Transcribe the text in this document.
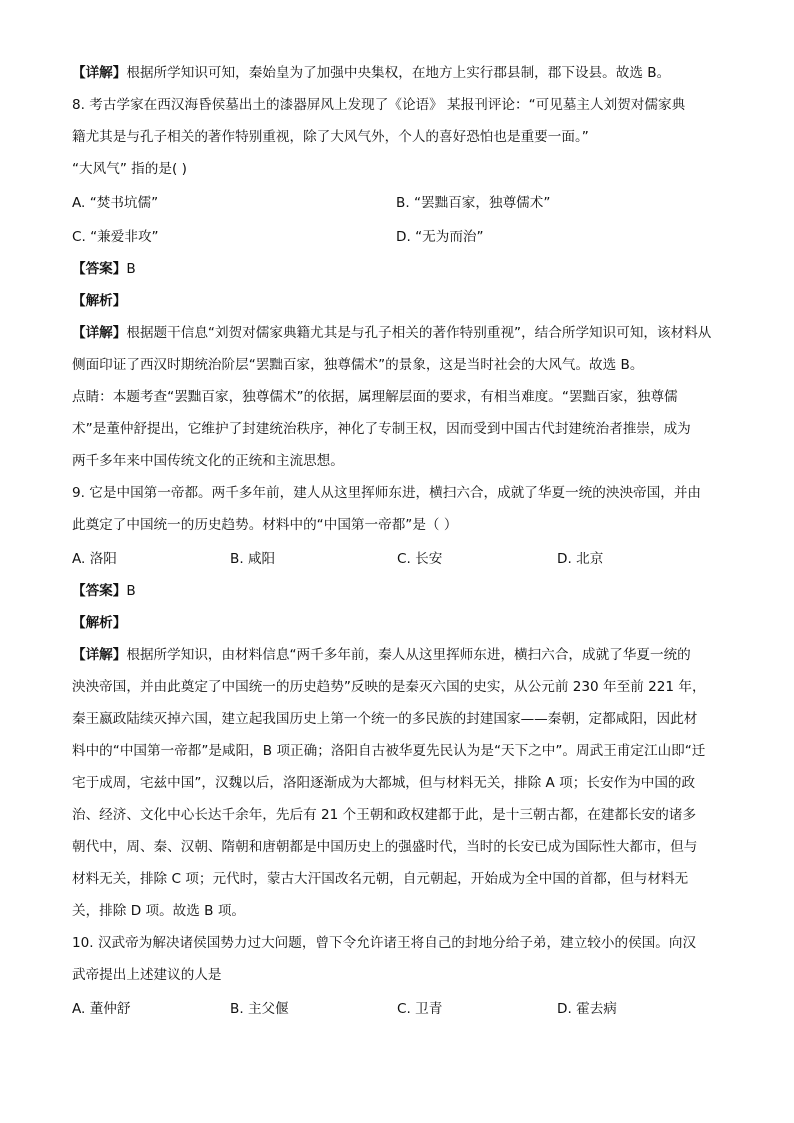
【详解】根据所学知识可知，秦始皇为了加强中央集权，在地方上实行郡县制，郡下设县。故选 B。
8. 考古学家在西汉海昏侯墓出土的漆器屏风上发现了《论语》 某报刊评论：“可见墓主人刘贺对儒家典
籍尤其是与孔子相关的著作特别重视，除了大风气外，个人的喜好恐怕也是重要一面。”
“大风气” 指的是( )
A. “焚书坑儒”	B. “罢黜百家，独尊儒术”
C. “兼爱非攻”	D. “无为而治”
【答案】B
【解析】
【详解】根据题干信息“刘贺对儒家典籍尤其是与孔子相关的著作特别重视”，结合所学知识可知，该材料从
侧面印证了西汉时期统治阶层“罢黜百家，独尊儒术”的景象，这是当时社会的大风气。故选 B。
点睛：本题考查“罢黜百家，独尊儒术”的依据，属理解层面的要求，有相当难度。“罢黜百家，独尊儒
术”是董仲舒提出，它维护了封建统治秩序，神化了专制王权，因而受到中国古代封建统治者推崇，成为
两千多年来中国传统文化的正统和主流思想。
9. 它是中国第一帝都。两千多年前，建人从这里挥师东进，横扫六合，成就了华夏一统的泱泱帝国，并由
此奠定了中国统一的历史趋势。材料中的“中国第一帝都”是（ ）
A. 洛阳	B. 咸阳	C. 长安	D. 北京
【答案】B
【解析】
【详解】根据所学知识，由材料信息“两千多年前，秦人从这里挥师东进，横扫六合，成就了华夏一统的
泱泱帝国，并由此奠定了中国统一的历史趋势”反映的是秦灭六国的史实，从公元前 230 年至前 221 年，
秦王嬴政陆续灭掉六国，建立起我国历史上第一个统一的多民族的封建国家——秦朝，定都咸阳，因此材
料中的“中国第一帝都”是咸阳，B 项正确；洛阳自古被华夏先民认为是“天下之中”。周武王甫定江山即“迁
宅于成周，宅兹中国”，汉魏以后，洛阳逐渐成为大都城，但与材料无关，排除 A 项；长安作为中国的政
治、经济、文化中心长达千余年，先后有 21 个王朝和政权建都于此，是十三朝古都，在建都长安的诸多
朝代中，周、秦、汉朝、隋朝和唐朝都是中国历史上的强盛时代，当时的长安已成为国际性大都市，但与
材料无关，排除 C 项；元代时，蒙古大汗国改名元朝，自元朝起，开始成为全中国的首都，但与材料无
关，排除 D 项。故选 B 项。
10. 汉武帝为解决诸侯国势力过大问题，曾下令允许诸王将自己的封地分给子弟，建立较小的侯国。向汉
武帝提出上述建议的人是
A. 董仲舒	B. 主父偃	C. 卫青	D. 霍去病
